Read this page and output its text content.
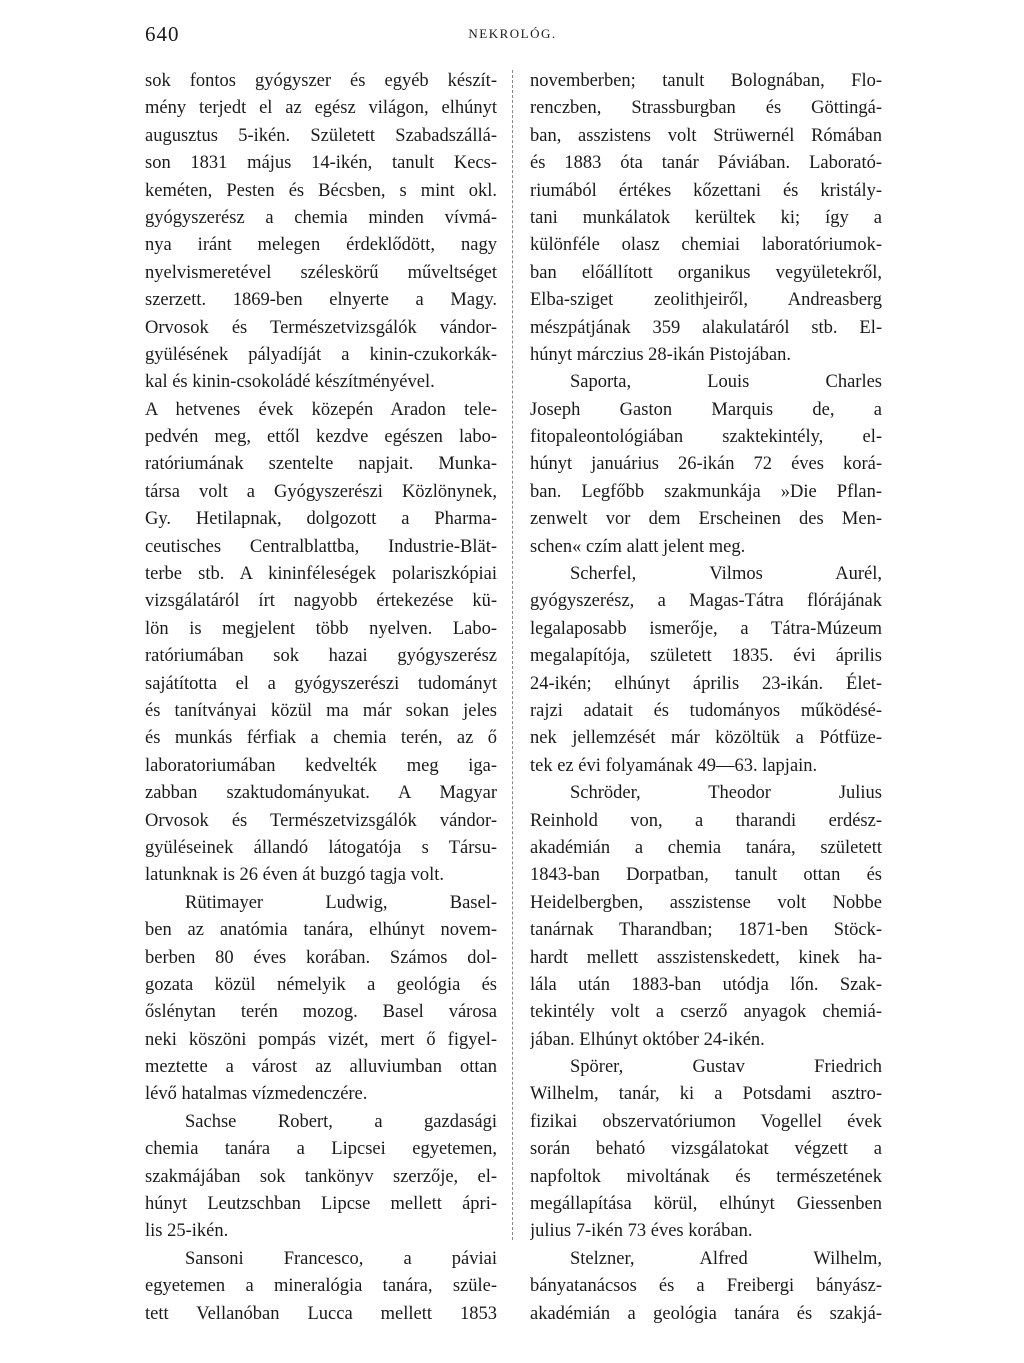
640	NEKROLÓG.
sok fontos gyógyszer és egyéb készít-
mény terjedt el az egész világon, elhúnyt
augusztus 5-ikén. Született Szabadszállá-
son 1831 május 14-ikén, tanult Kecs-
keméten, Pesten és Bécsben, s mint okl.
gyógyszerész a chemia minden vívmá-
nya iránt melegen érdeklődött, nagy
nyelvismeretével széleskörű műveltséget
szerzett. 1869-ben elnyerte a Magy.
Orvosok és Természetvizsgálók vándor-
gyülésének pályadíját a kinin-czukorkák-
kal és kinin-csokoládé készítményével.
A hetvenes évek közepén Aradon tele-
pedvén meg, ettől kezdve egészen labo-
ratóriumának szentelte napjait. Munka-
társa volt a Gyógyszerészi Közlönynek,
Gy. Hetilapnak, dolgozott a Pharma-
ceutisches Centralblattba, Industrie-Blät-
terbe stb. A kininféleségek polariszkópiai
vizsgálatáról írt nagyobb értekezése kü-
lön is megjelent több nyelven. Labo-
ratóriumában sok hazai gyógyszerész
sajátította el a gyógyszerészi tudományt
és tanítványai közül ma már sokan jeles
és munkás férfiak a chemia terén, az ő
laboratoriumában kedvelték meg iga-
zabban szaktudományukat. A Magyar
Orvosok és Természetvizsgálók vándor-
gyüléseinek állandó látogatója s Társu-
latunknak is 26 éven át buzgó tagja volt.
Rütimayer Ludwig, Basel-
ben az anatómia tanára, elhúnyt novem-
berben 80 éves korában. Számos dol-
gozata közül némelyik a geológia és
őslénytan terén mozog. Basel városa
neki köszöni pompás vizét, mert ő figyel-
meztette a várost az alluviumban ottan
lévő hatalmas vízmedenczére.
Sachse Robert, a gazdasági
chemia tanára a Lipcsei egyetemen,
szakmájában sok tankönyv szerzője, el-
húnyt Leutzschban Lipcse mellett ápri-
lis 25-ikén.
Sansoni Francesco, a páviai
egyetemen a mineralógia tanára, szüle-
tett Vellanóban Lucca mellett 1853
novemberben; tanult Bolognában, Flo-
renczben, Strassburgban és Göttingá-
ban, asszistens volt Strüwernél Rómában
és 1883 óta tanár Páviában. Laborató-
riumából értékes kőzettani és kristály-
tani munkálatok kerültek ki; így a
különféle olasz chemiai laboratóriumok-
ban előállított organikus vegyületekről,
Elba-sziget zeolithjeiről, Andreasberg
mészpátjának 359 alakulatáról stb. El-
húnyt márczius 28-ikán Pistojában.
Saporta, Louis Charles
Joseph Gaston Marquis de, a
fitopaleontológiában szaktekintély, el-
húnyt januárius 26-ikán 72 éves korá-
ban. Legfőbb szakmunkája »Die Pflan-
zenwelt vor dem Erscheinen des Men-
schen« czím alatt jelent meg.
Scherfel, Vilmos Aurél,
gyógyszerész, a Magas-Tátra flórájának
legalaposabb ismerője, a Tátra-Múzeum
megalapítója, született 1835. évi április
24-ikén; elhúnyt április 23-ikán. Élet-
rajzi adatait és tudományos működésé-
nek jellemzését már közöltük a Pótfüze-
tek ez évi folyamának 49—63. lapjain.
Schröder, Theodor Julius
Reinhold von, a tharandi erdész-
akadémián a chemia tanára, született
1843-ban Dorpatban, tanult ottan és
Heidelbergben, asszistense volt Nobbe
tanárnak Tharandban; 1871-ben Stöck-
hardt mellett asszistenskedett, kinek ha-
lála után 1883-ban utódja lőn. Szak-
tekintély volt a cserző anyagok chemiá-
jában. Elhúnyt október 24-ikén.
Spörer, Gustav Friedrich
Wilhelm, tanár, ki a Potsdami asztro-
fizikai obszervatóriumon Vogellel évek
során beható vizsgálatokat végzett a
napfoltok mivoltának és természetének
megállapítása körül, elhúnyt Giessenben
julius 7-ikén 73 éves korában.
Stelzner, Alfred Wilhelm,
bányatanácsos és a Freibergi bányász-
akadémián a geológia tanára és szakjá-
